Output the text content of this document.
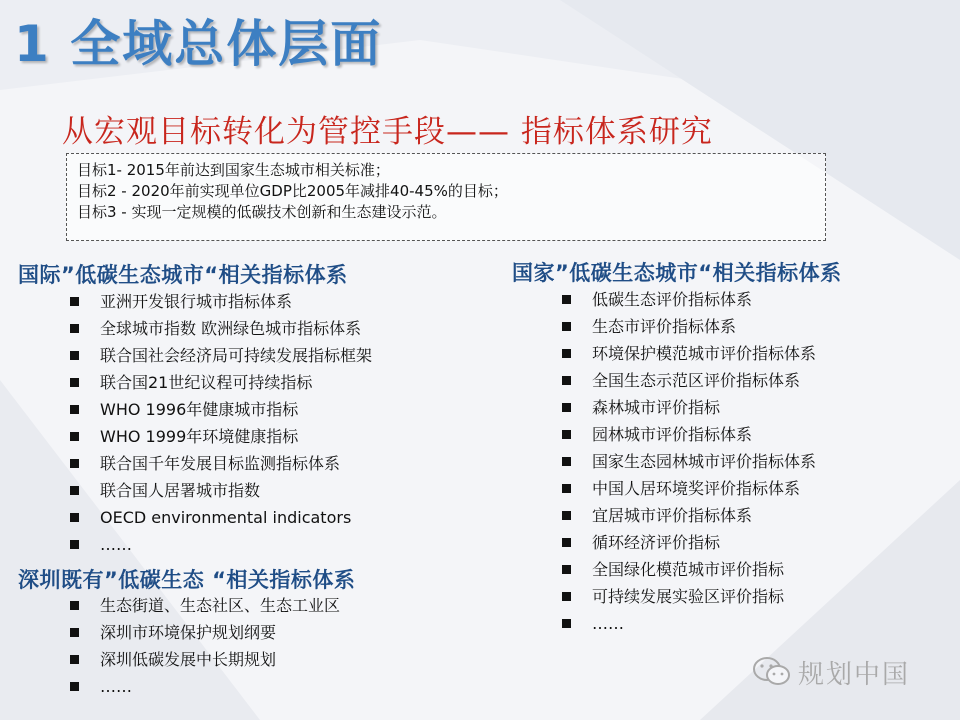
1 全域总体层面
从宏观目标转化为管控手段—— 指标体系研究
目标1- 2015年前达到国家生态城市相关标准；
目标2 - 2020年前实现单位GDP比2005年减排40-45%的目标；
目标3 - 实现一定规模的低碳技术创新和生态建设示范。
国际”低碳生态城市“相关指标体系
亚洲开发银行城市指标体系
全球城市指数 欧洲绿色城市指标体系
联合国社会经济局可持续发展指标框架
联合国21世纪议程可持续指标
WHO 1996年健康城市指标
WHO 1999年环境健康指标
联合国千年发展目标监测指标体系
联合国人居署城市指数
OECD environmental indicators
……
深圳既有”低碳生态 “相关指标体系
生态街道、生态社区、生态工业区
深圳市环境保护规划纲要
深圳低碳发展中长期规划
……
国家”低碳生态城市“相关指标体系
低碳生态评价指标体系
生态市评价指标体系
环境保护模范城市评价指标体系
全国生态示范区评价指标体系
森林城市评价指标
园林城市评价指标体系
国家生态园林城市评价指标体系
中国人居环境奖评价指标体系
宜居城市评价指标体系
循环经济评价指标
全国绿化模范城市评价指标
可持续发展实验区评价指标
……
规划中国
